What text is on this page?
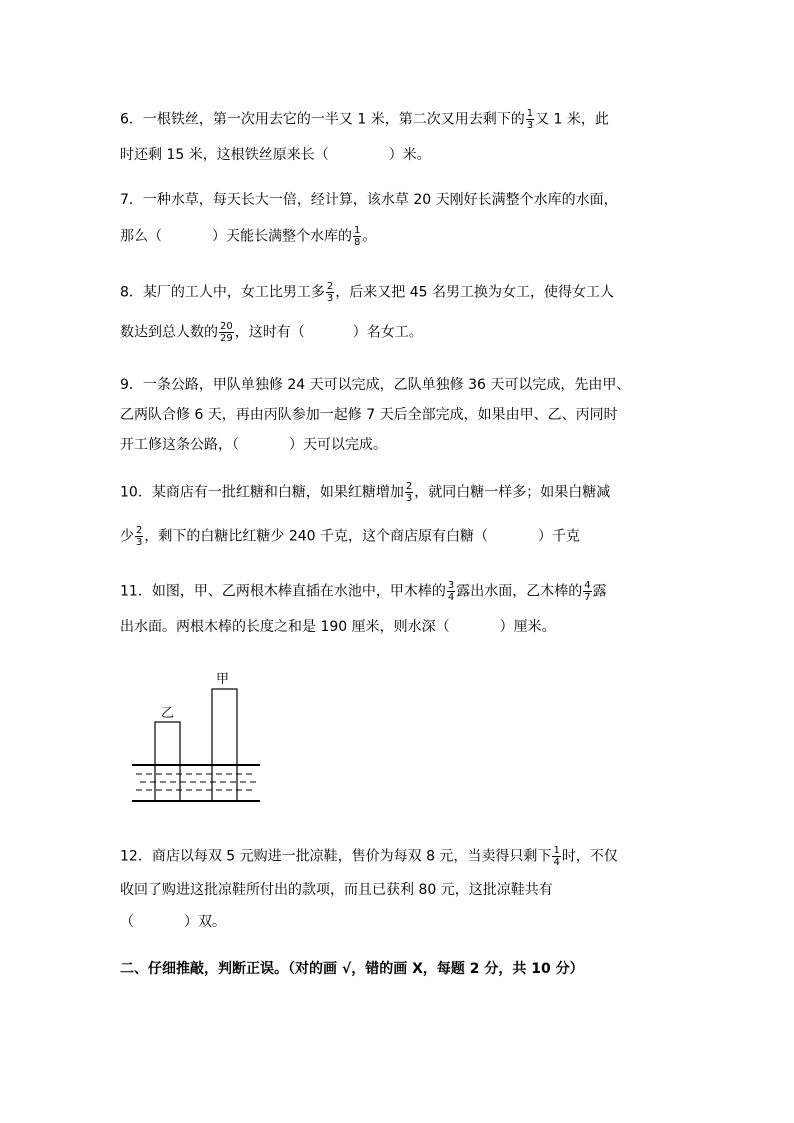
6．一根铁丝，第一次用去它的一半又 1 米，第二次又用去剩下的 $\frac{1}{3}$ 又 1 米，此
时还剩 15 米，这根铁丝原来长（	）米。
7．一种水草，每天长大一倍，经计算，该水草 20 天刚好长满整个水库的水面，
那么（	）天能长满整个水库的 $\frac{1}{8}$ 。
8．某厂的工人中，女工比男工多 $\frac{2}{3}$ ，后来又把 45 名男工换为女工，使得女工人
数达到总人数的 $\frac{20}{29}$ ，这时有（	）名女工。
9．一条公路，甲队单独修 24 天可以完成，乙队单独修 36 天可以完成，先由甲、
乙两队合修 6 天，再由丙队参加一起修 7 天后全部完成，如果由甲、乙、丙同时
开工修这条公路，（	）天可以完成。
10．某商店有一批红糖和白糖，如果红糖增加 $\frac{2}{3}$ ，就同白糖一样多；如果白糖减
少 $\frac{2}{3}$ ，剩下的白糖比红糖少 240 千克，这个商店原有白糖（	）千克
11．如图，甲、乙两根木棒直插在水池中，甲木棒的 $\frac{3}{4}$ 露出水面，乙木棒的 $\frac{4}{7}$ 露
出水面。两根木棒的长度之和是 190 厘米，则水深（	）厘米。
乙
甲
12．商店以每双 5 元购进一批凉鞋，售价为每双 8 元，当卖得只剩下 $\frac{1}{4}$ 时，不仅
收回了购进这批凉鞋所付出的款项，而且已获利 80 元，这批凉鞋共有
（	）双。
二、仔细推敲，判断正误。（对的画 √，错的画 X，每题 2 分，共 10 分）
